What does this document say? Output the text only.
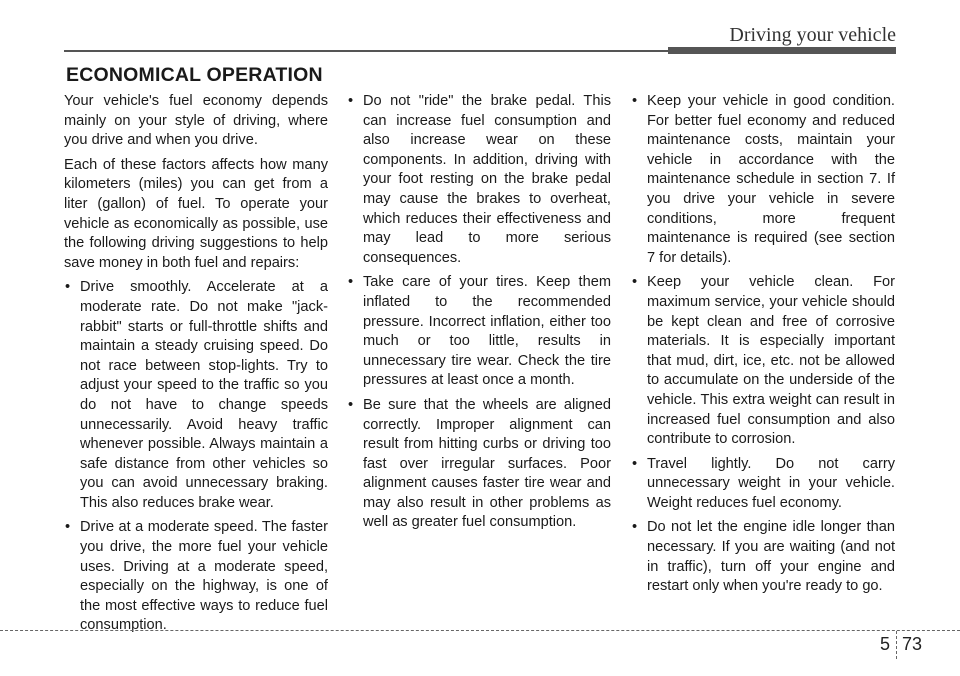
Driving your vehicle
ECONOMICAL OPERATION

Your vehicle's fuel economy depends mainly on your style of driving, where you drive and when you drive.

Each of these factors affects how many kilometers (miles) you can get from a liter (gallon) of fuel. To operate your vehicle as economically as possible, use the following driving suggestions to help save money in both fuel and repairs:

• Drive smoothly. Accelerate at a moderate rate. Do not make "jack-rabbit" starts or full-throttle shifts and maintain a steady cruising speed. Do not race between stop-lights. Try to adjust your speed to the traffic so you do not have to change speeds unnecessarily. Avoid heavy traffic whenever possible. Always maintain a safe distance from other vehicles so you can avoid unnecessary braking. This also reduces brake wear.
• Drive at a moderate speed. The faster you drive, the more fuel your vehicle uses. Driving at a moderate speed, especially on the highway, is one of the most effective ways to reduce fuel consumption.
• Do not "ride" the brake pedal. This can increase fuel consumption and also increase wear on these components. In addition, driving with your foot resting on the brake pedal may cause the brakes to overheat, which reduces their effectiveness and may lead to more serious consequences.
• Take care of your tires. Keep them inflated to the recommended pressure. Incorrect inflation, either too much or too little, results in unnecessary tire wear. Check the tire pressures at least once a month.
• Be sure that the wheels are aligned correctly. Improper alignment can result from hitting curbs or driving too fast over irregular surfaces. Poor alignment causes faster tire wear and may also result in other problems as well as greater fuel consumption.
• Keep your vehicle in good condition. For better fuel economy and reduced maintenance costs, maintain your vehicle in accordance with the maintenance schedule in section 7. If you drive your vehicle in severe conditions, more frequent maintenance is required (see section 7 for details).
• Keep your vehicle clean. For maximum service, your vehicle should be kept clean and free of corrosive materials. It is especially important that mud, dirt, ice, etc. not be allowed to accumulate on the underside of the vehicle. This extra weight can result in increased fuel consumption and also contribute to corrosion.
• Travel lightly. Do not carry unnecessary weight in your vehicle. Weight reduces fuel economy.
• Do not let the engine idle longer than necessary. If you are waiting (and not in traffic), turn off your engine and restart only when you're ready to go.
5 73
